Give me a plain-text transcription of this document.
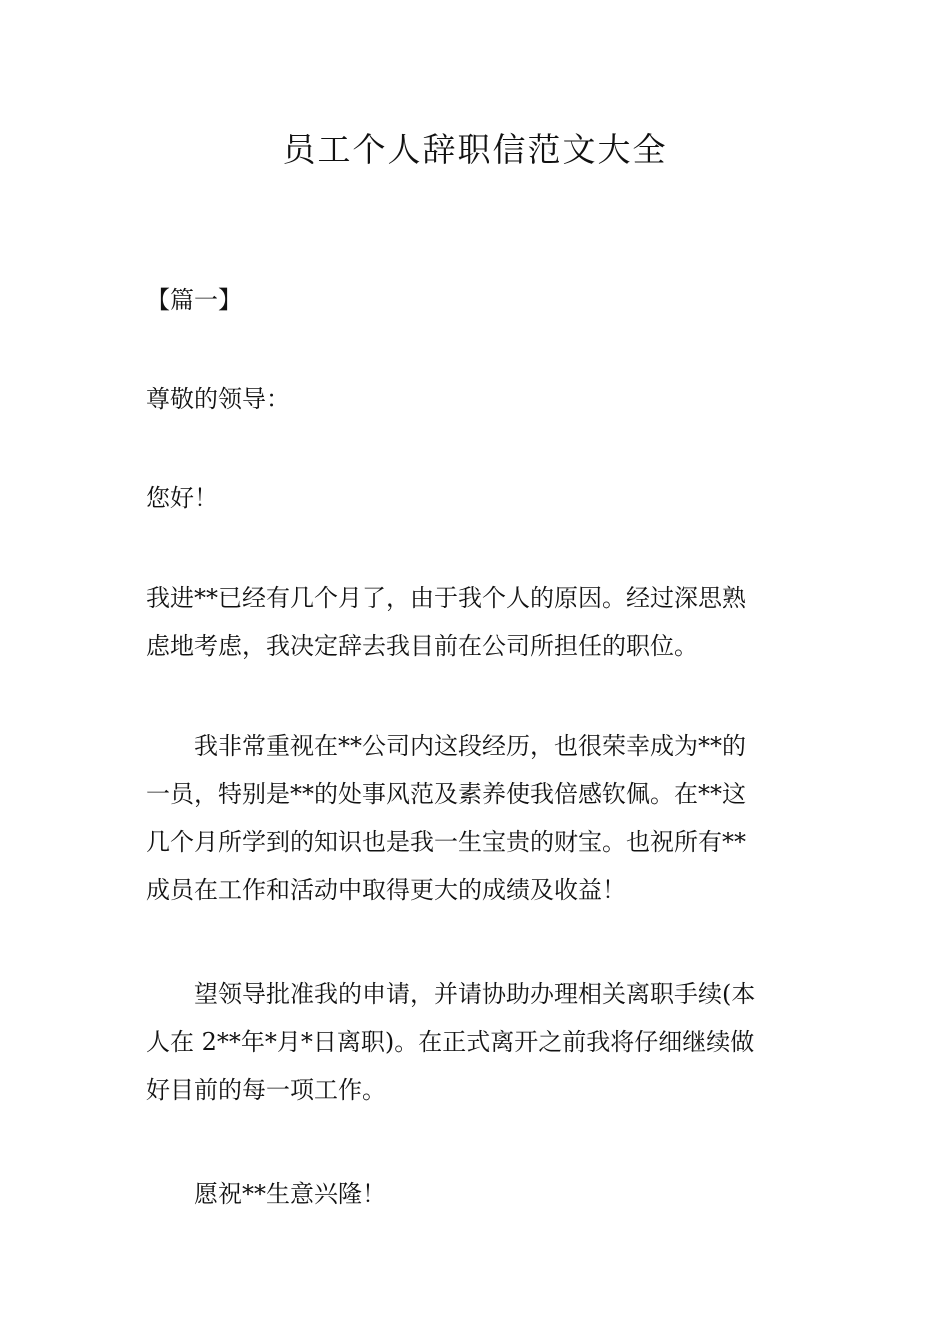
员工个人辞职信范文大全
【篇一】
尊敬的领导：
您好！
我进**已经有几个月了，由于我个人的原因。经过深思熟
虑地考虑，我决定辞去我目前在公司所担任的职位。
我非常重视在**公司内这段经历，也很荣幸成为**的
一员，特别是**的处事风范及素养使我倍感钦佩。在**这
几个月所学到的知识也是我一生宝贵的财宝。也祝所有**
成员在工作和活动中取得更大的成绩及收益！
望领导批准我的申请，并请协助办理相关离职手续(本
人在 2**年*月*日离职)。在正式离开之前我将仔细继续做
好目前的每一项工作。
愿祝**生意兴隆！
